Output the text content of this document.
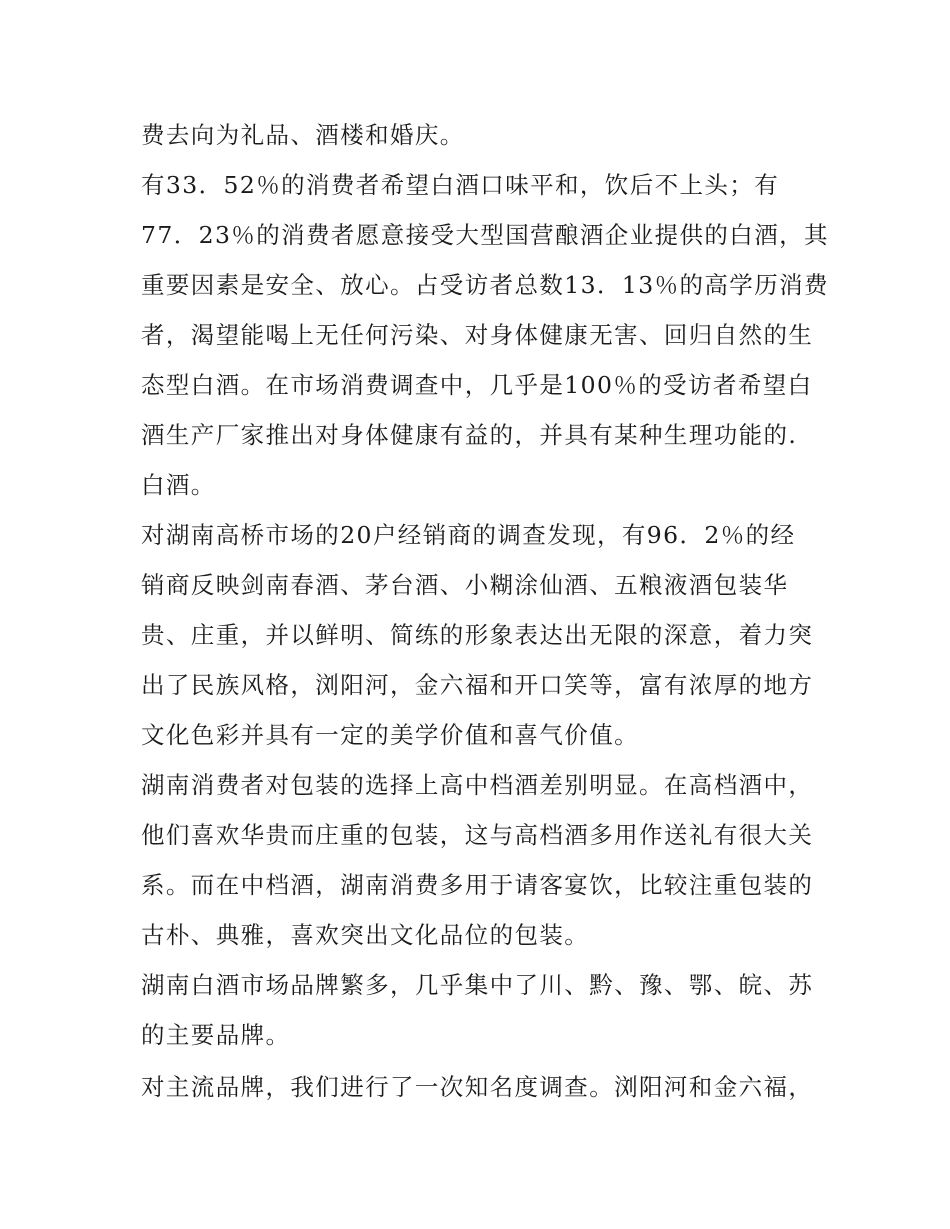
费去向为礼品、酒楼和婚庆。
有33．52％的消费者希望白酒口味平和，饮后不上头；有
77．23％的消费者愿意接受大型国营酿酒企业提供的白酒，其
重要因素是安全、放心。占受访者总数13．13％的高学历消费
者，渴望能喝上无任何污染、对身体健康无害、回归自然的生
态型白酒。在市场消费调查中，几乎是100％的受访者希望白
酒生产厂家推出对身体健康有益的，并具有某种生理功能的.
白酒。
对湖南高桥市场的20户经销商的调查发现，有96．2％的经
销商反映剑南春酒、茅台酒、小糊涂仙酒、五粮液酒包装华
贵、庄重，并以鲜明、简练的形象表达出无限的深意，着力突
出了民族风格，浏阳河，金六福和开口笑等，富有浓厚的地方
文化色彩并具有一定的美学价值和喜气价值。
湖南消费者对包装的选择上高中档酒差别明显。在高档酒中，
他们喜欢华贵而庄重的包装，这与高档酒多用作送礼有很大关
系。而在中档酒，湖南消费多用于请客宴饮，比较注重包装的
古朴、典雅，喜欢突出文化品位的包装。
湖南白酒市场品牌繁多，几乎集中了川、黔、豫、鄂、皖、苏
的主要品牌。
对主流品牌，我们进行了一次知名度调查。浏阳河和金六福，
